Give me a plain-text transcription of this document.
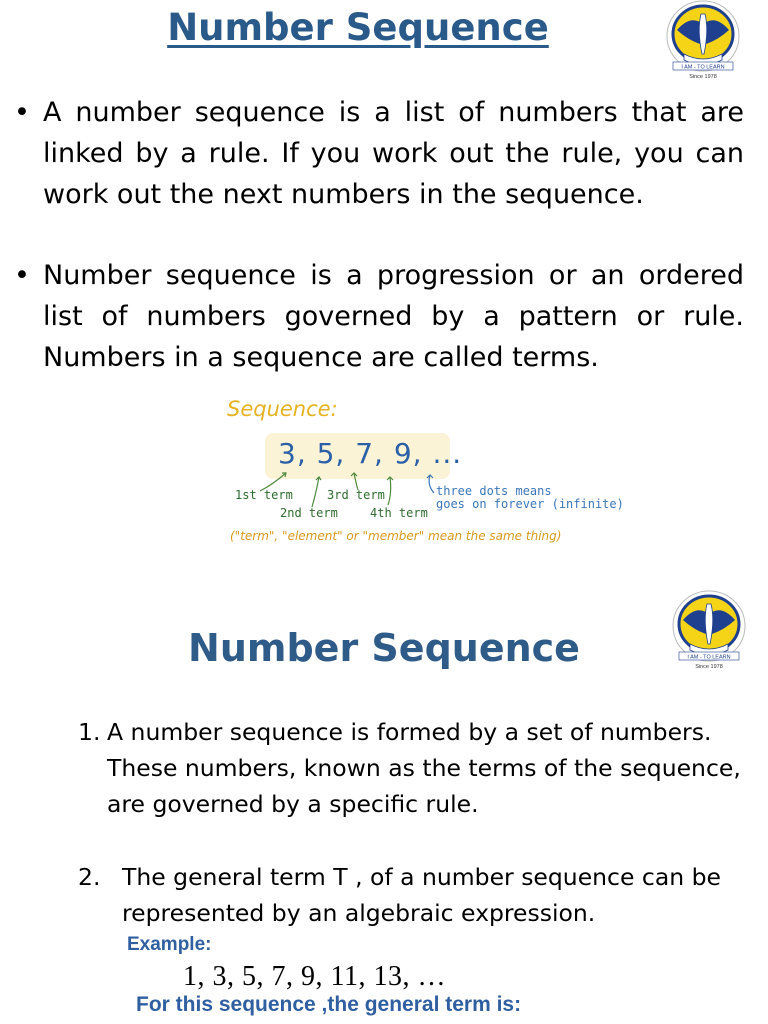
Number Sequence
I AM - TO LEARN
Since 1978
• A number sequence is a list of numbers that are linked by a rule. If you work out the rule, you can work out the next numbers in the sequence.
• Number sequence is a progression or an ordered list of numbers governed by a pattern or rule. Numbers in a sequence are called terms.
Sequence:
3, 5, 7, 9, ...
1st term
2nd term
3rd term
4th term
three dots means
goes on forever (infinite)
("term", "element" or "member" mean the same thing)
I AM - TO LEARN
Since 1978
Number Sequence
1. A number sequence is formed by a set of numbers. These numbers, known as the terms of the sequence, are governed by a specific rule.
2. The general term T , of a number sequence can be represented by an algebraic expression.
Example:
1, 3, 5, 7, 9, 11, 13, …
For this sequence ,the general term is:
